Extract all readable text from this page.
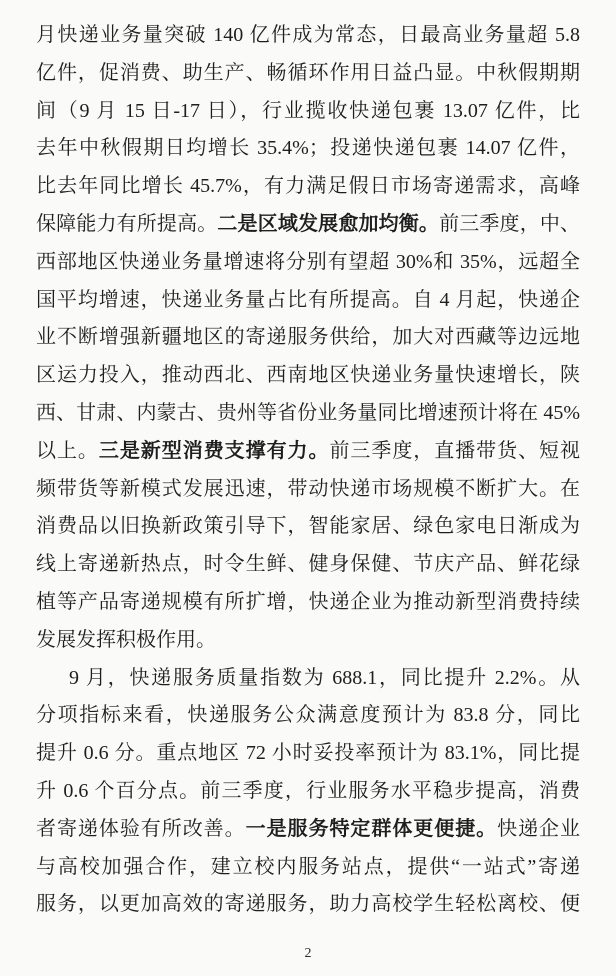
月快递业务量突破 140 亿件成为常态，日最高业务量超 5.8
亿件，促消费、助生产、畅循环作用日益凸显。中秋假期期
间（9 月 15 日-17 日），行业揽收快递包裹 13.07 亿件，比
去年中秋假期日均增长 35.4%；投递快递包裹 14.07 亿件，
比去年同比增长 45.7%，有力满足假日市场寄递需求，高峰
保障能力有所提高。二是区域发展愈加均衡。前三季度，中、
西部地区快递业务量增速将分别有望超 30%和 35%，远超全
国平均增速，快递业务量占比有所提高。自 4 月起，快递企
业不断增强新疆地区的寄递服务供给，加大对西藏等边远地
区运力投入，推动西北、西南地区快递业务量快速增长，陕
西、甘肃、内蒙古、贵州等省份业务量同比增速预计将在 45%
以上。三是新型消费支撑有力。前三季度，直播带货、短视
频带货等新模式发展迅速，带动快递市场规模不断扩大。在
消费品以旧换新政策引导下，智能家居、绿色家电日渐成为
线上寄递新热点，时令生鲜、健身保健、节庆产品、鲜花绿
植等产品寄递规模有所扩增，快递企业为推动新型消费持续
发展发挥积极作用。
9 月，快递服务质量指数为 688.1，同比提升 2.2%。从
分项指标来看，快递服务公众满意度预计为 83.8 分，同比
提升 0.6 分。重点地区 72 小时妥投率预计为 83.1%，同比提
升 0.6 个百分点。前三季度，行业服务水平稳步提高，消费
者寄递体验有所改善。一是服务特定群体更便捷。快递企业
与高校加强合作，建立校内服务站点，提供“一站式”寄递
服务，以更加高效的寄递服务，助力高校学生轻松离校、便
2
